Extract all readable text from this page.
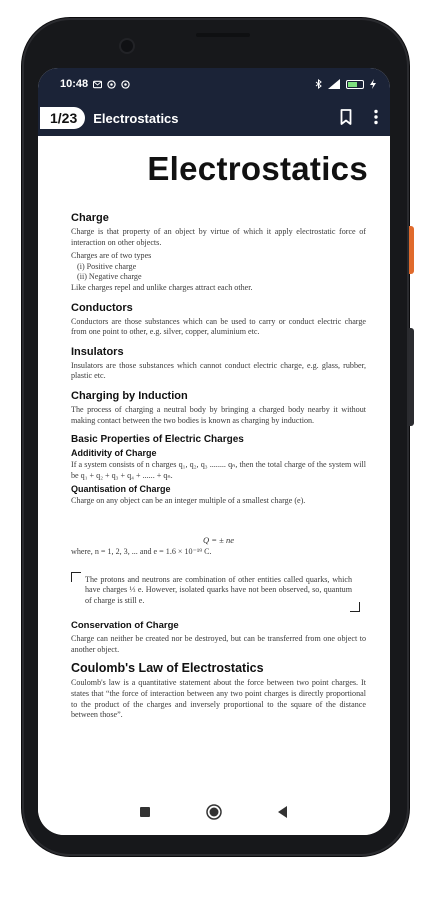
10:48
1/23	Electrostatics
Electrostatics
Charge

Charge is that property of an object by virtue of which it apply electrostatic force of interaction on other objects.

Charges are of two types

(i) Positive charge
(ii) Negative charge

Like charges repel and unlike charges attract each other.

Conductors

Conductors are those substances which can be used to carry or conduct electric charge from one point to other, e.g. silver, copper, aluminium etc.

Insulators

Insulators are those substances which cannot conduct electric charge, e.g. glass, rubber, plastic etc.

Charging by Induction

The process of charging a neutral body by bringing a charged body nearby it without making contact between the two bodies is known as charging by induction.

Basic Properties of Electric Charges
Additivity of Charge

If a system consists of n charges q₁, q₂, q₃ ........ qₙ, then the total charge of the system will be q₁ + q₂ + q₃ + q₄ + ...... + qₙ.

Quantisation of Charge

Charge on any object can be an integer multiple of a smallest charge (e).

Q = ± ne

where, n = 1, 2, 3, ... and e = 1.6 × 10⁻¹⁹ C.

The protons and neutrons are combination of other entities called quarks, which have charges ⅓ e. However, isolated quarks have not been observed, so, quantum of charge is still e.

Conservation of Charge

Charge can neither be created nor be destroyed, but can be transferred from one object to another object.

Coulomb's Law of Electrostatics

Coulomb's law is a quantitative statement about the force between two point charges. It states that “the force of interaction between any two point charges is directly proportional to the product of the charges and inversely proportional to the square of the distance between those”.
